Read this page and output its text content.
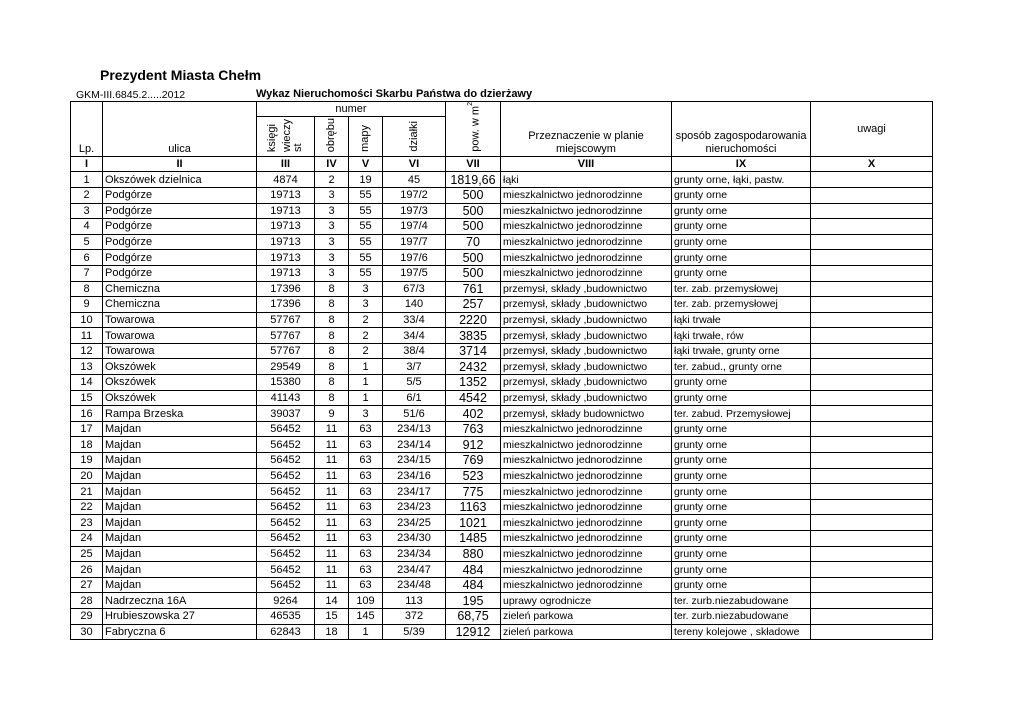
Prezydent Miasta Chełm
GKM-III.6845.2.....2012	Wykaz Nieruchomości Skarbu Państwa do dzierżawy
Lp.	ulica	numer				pow. w $m^2$	Przeznaczenie w planie miejscowym	sposób zagospodarowania nieruchomości	uwagi
		księgi wieczy st	obrębu	mapy	działki				
I	II	III	IV	V	VI	VII	VIII	IX	X
1	Okszówek dzielnica	4874	2	19	45	1819,66	łąki	grunty orne, łąki, pastw.	
2	Podgórze	19713	3	55	197/2	500	mieszkalnictwo jednorodzinne	grunty orne	
3	Podgórze	19713	3	55	197/3	500	mieszkalnictwo jednorodzinne	grunty orne	
4	Podgórze	19713	3	55	197/4	500	mieszkalnictwo jednorodzinne	grunty orne	
5	Podgórze	19713	3	55	197/7	70	mieszkalnictwo jednorodzinne	grunty orne	
6	Podgórze	19713	3	55	197/6	500	mieszkalnictwo jednorodzinne	grunty orne	
7	Podgórze	19713	3	55	197/5	500	mieszkalnictwo jednorodzinne	grunty orne	
8	Chemiczna	17396	8	3	67/3	761	przemysł, składy ,budownictwo	ter. zab. przemysłowej	
9	Chemiczna	17396	8	3	140	257	przemysł, składy ,budownictwo	ter. zab. przemysłowej	
10	Towarowa	57767	8	2	33/4	2220	przemysł, składy ,budownictwo	łąki trwałe	
11	Towarowa	57767	8	2	34/4	3835	przemysł, składy ,budownictwo	łąki trwałe, rów	
12	Towarowa	57767	8	2	38/4	3714	przemysł, składy ,budownictwo	łąki trwałe, grunty orne	
13	Okszówek	29549	8	1	3/7	2432	przemysł, składy ,budownictwo	ter. zabud., grunty orne	
14	Okszówek	15380	8	1	5/5	1352	przemysł, składy ,budownictwo	grunty orne	
15	Okszówek	41143	8	1	6/1	4542	przemysł, składy ,budownictwo	grunty orne	
16	Rampa Brzeska	39037	9	3	51/6	402	przemysł, składy budownictwo	ter. zabud. Przemysłowej	
17	Majdan	56452	11	63	234/13	763	mieszkalnictwo jednorodzinne	grunty orne	
18	Majdan	56452	11	63	234/14	912	mieszkalnictwo jednorodzinne	grunty orne	
19	Majdan	56452	11	63	234/15	769	mieszkalnictwo jednorodzinne	grunty orne	
20	Majdan	56452	11	63	234/16	523	mieszkalnictwo jednorodzinne	grunty orne	
21	Majdan	56452	11	63	234/17	775	mieszkalnictwo jednorodzinne	grunty orne	
22	Majdan	56452	11	63	234/23	1163	mieszkalnictwo jednorodzinne	grunty orne	
23	Majdan	56452	11	63	234/25	1021	mieszkalnictwo jednorodzinne	grunty orne	
24	Majdan	56452	11	63	234/30	1485	mieszkalnictwo jednorodzinne	grunty orne	
25	Majdan	56452	11	63	234/34	880	mieszkalnictwo jednorodzinne	grunty orne	
26	Majdan	56452	11	63	234/47	484	mieszkalnictwo jednorodzinne	grunty orne	
27	Majdan	56452	11	63	234/48	484	mieszkalnictwo jednorodzinne	grunty orne	
28	Nadrzeczna 16A	9264	14	109	113	195	uprawy ogrodnicze	ter. zurb.niezabudowane	
29	Hrubieszowska 27	46535	15	145	372	68,75	zieleń parkowa	ter. zurb.niezabudowane	
30	Fabryczna 6	62843	18	1	5/39	12912	zieleń parkowa	tereny kolejowe , składowe	
